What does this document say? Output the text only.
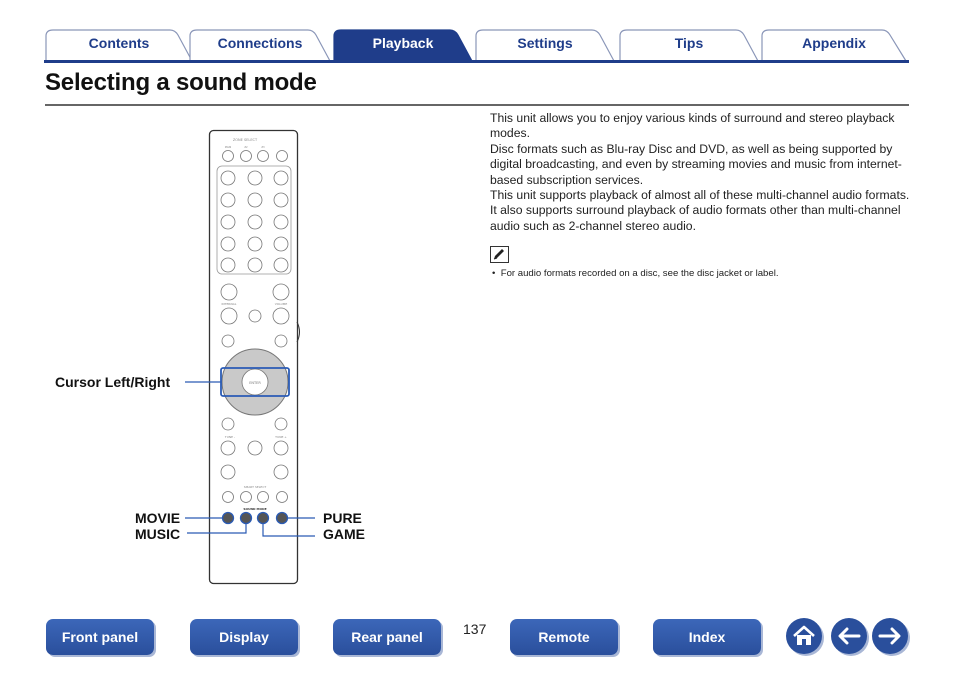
Contents	Connections	Playback	Settings	Tips	Appendix
Selecting a sound mode

This unit allows you to enjoy various kinds of surround and stereo playback modes.

Disc formats such as Blu-ray Disc and DVD, as well as being supported by digital broadcasting, and even by streaming movies and music from internet-based subscription services.

This unit supports playback of almost all of these multi-channel audio formats. It also supports surround playback of audio formats other than multi-channel audio such as 2-channel stereo audio.

•  For audio formats recorded on a disc, see the disc jacket or label.
ZONE SELECT
MAIN	Z2	Z3
INTERNAL	VOLUME
ENTER
TUNE -	TUNE +
SMART SELECT
SOUND MODE
Cursor Left/Right
MOVIE
MUSIC
PURE
GAME
Front panel	Display	Rear panel	137	Remote	Index
